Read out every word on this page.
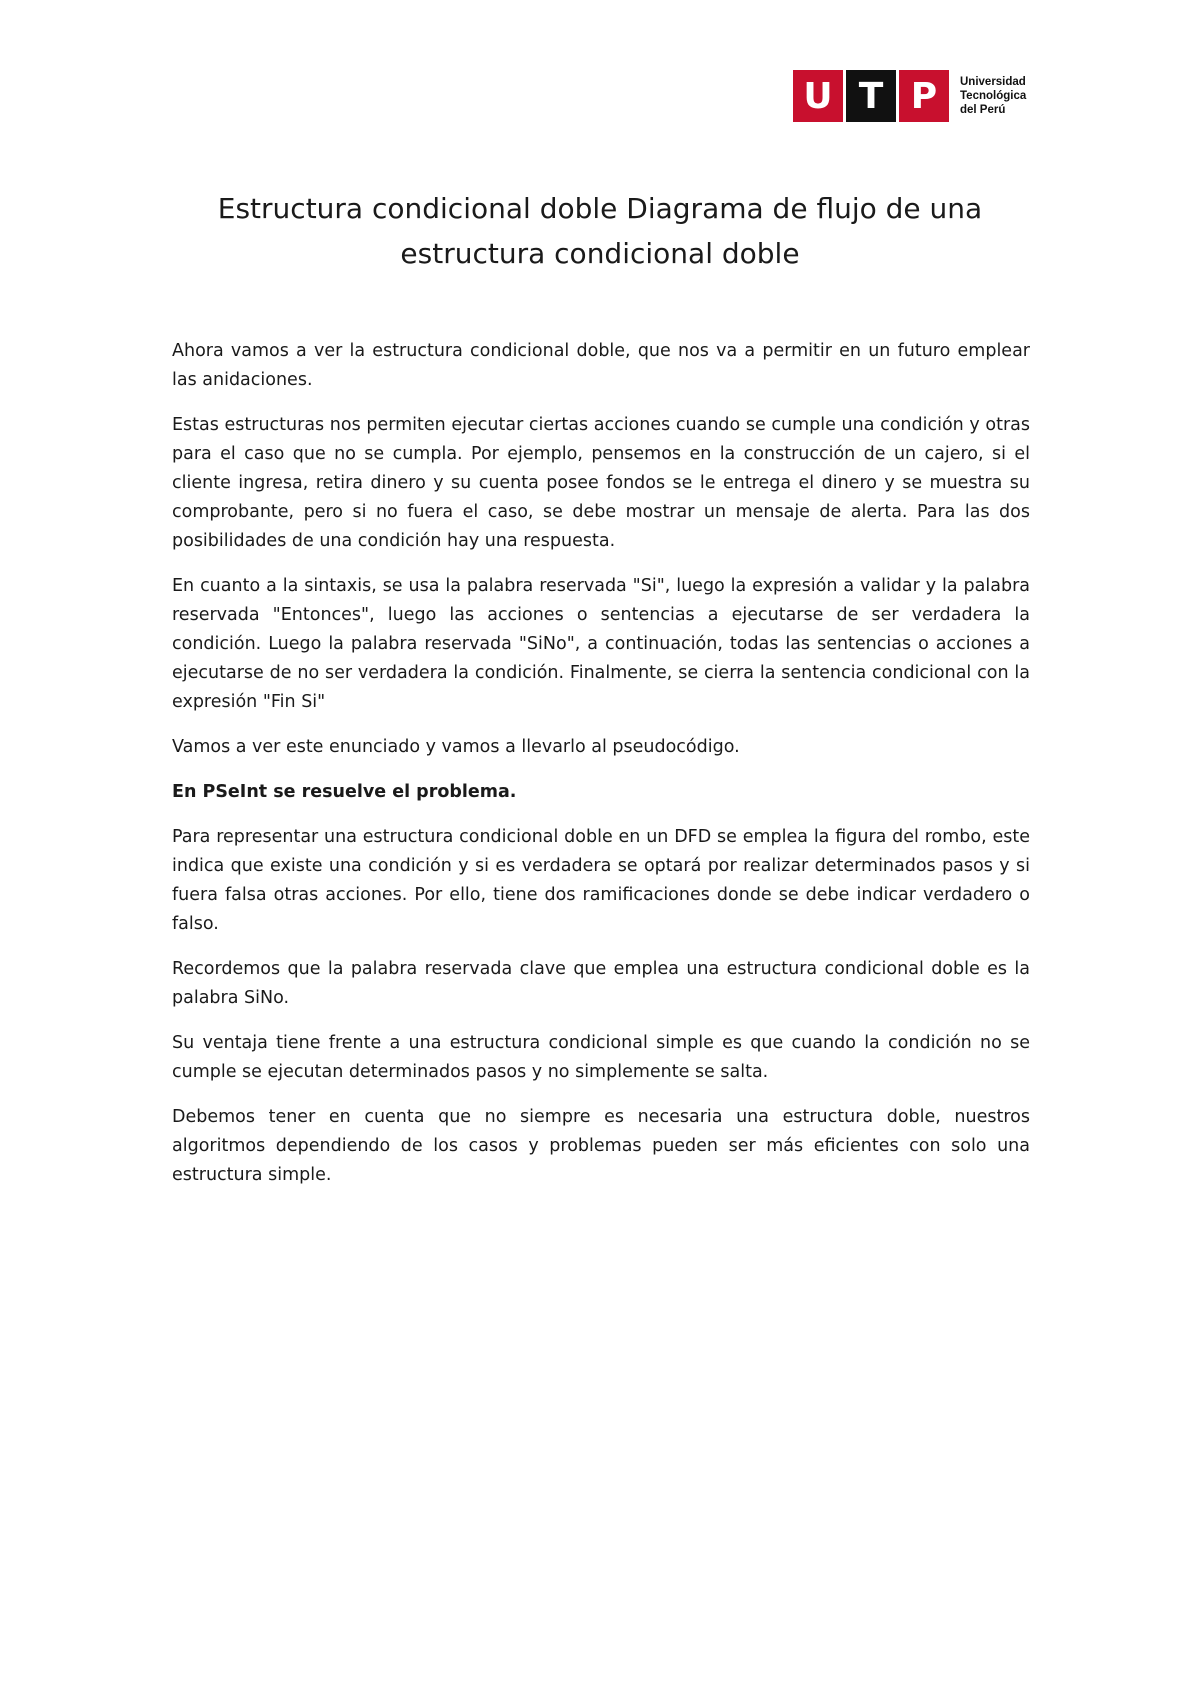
U T P	Universidad
Tecnológica
del Perú
Estructura condicional doble Diagrama de flujo de una estructura condicional doble

Ahora vamos a ver la estructura condicional doble, que nos va a permitir en un futuro emplear las anidaciones.

Estas estructuras nos permiten ejecutar ciertas acciones cuando se cumple una condición y otras para el caso que no se cumpla. Por ejemplo, pensemos en la construcción de un cajero, si el cliente ingresa, retira dinero y su cuenta posee fondos se le entrega el dinero y se muestra su comprobante, pero si no fuera el caso, se debe mostrar un mensaje de alerta. Para las dos posibilidades de una condición hay una respuesta.

En cuanto a la sintaxis, se usa la palabra reservada "Si", luego la expresión a validar y la palabra reservada "Entonces", luego las acciones o sentencias a ejecutarse de ser verdadera la condición. Luego la palabra reservada "SiNo", a continuación, todas las sentencias o acciones a ejecutarse de no ser verdadera la condición. Finalmente, se cierra la sentencia condicional con la expresión "Fin Si"

Vamos a ver este enunciado y vamos a llevarlo al pseudocódigo.

En PSeInt se resuelve el problema.

Para representar una estructura condicional doble en un DFD se emplea la figura del rombo, este indica que existe una condición y si es verdadera se optará por realizar determinados pasos y si fuera falsa otras acciones. Por ello, tiene dos ramificaciones donde se debe indicar verdadero o falso.

Recordemos que la palabra reservada clave que emplea una estructura condicional doble es la palabra SiNo.

Su ventaja tiene frente a una estructura condicional simple es que cuando la condición no se cumple se ejecutan determinados pasos y no simplemente se salta.

Debemos tener en cuenta que no siempre es necesaria una estructura doble, nuestros algoritmos dependiendo de los casos y problemas pueden ser más eficientes con solo una estructura simple.
